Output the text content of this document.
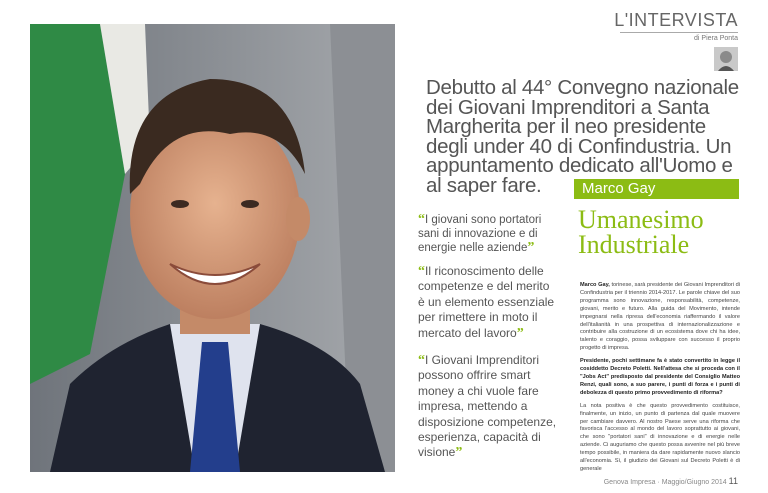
L'INTERVISTA
di Piera Ponta
Debutto al 44° Convegno nazionale dei Giovani Imprenditori a Santa Margherita per il neo presidente degli under 40 di Confindustria. Un appuntamento dedicato all'Uomo e al saper fare.	Marco Gay
Umanesimo
Industriale
“I giovani sono portatori sani di innovazione e di energie nelle aziende”
“Il riconoscimento delle competenze e del merito è un elemento essenziale per rimettere in moto il mercato del lavoro”
“I Giovani Imprenditori possono offrire smart money a chi vuole fare impresa, mettendo a disposizione competenze, esperienza, capacità di visione”

Marco Gay, torinese, sarà presidente dei Giovani Imprenditori di Confindustria per il triennio 2014-2017. Le parole chiave del suo programma sono innovazione, responsabilità, competenze, giovani, merito e futuro. Alla guida del Movimento, intende impegnarsi nella ripresa dell'economia riaffermando il valore dell'italianità in una prospettiva di internazionalizzazione e contribuire alla costruzione di un ecosistema dove chi ha idee, talento e coraggio, possa sviluppare con successo il proprio progetto di impresa.

Presidente, pochi settimane fa è stato convertito in legge il cosiddetto Decreto Poletti. Nell'attesa che si proceda con il "Jobs Act" predisposto dal presidente del Consiglio Matteo Renzi, quali sono, a suo parere, i punti di forza e i punti di debolezza di questo primo provvedimento di riforma?

La nota positiva è che questo provvedimento costituisce, finalmente, un inizio, un punto di partenza dal quale muovere per cambiare davvero. Al nostro Paese serve una riforma che favorisca l'accesso al mondo del lavoro soprattutto ai giovani, che sono "portatori sani" di innovazione e di energie nelle aziende. Ci auguriamo che questo possa avvenire nel più breve tempo possibile, in maniera da dare rapidamente nuovo slancio all'economia. Sì, il giudizio dei Giovani sul Decreto Poletti è di generale

Genova Impresa · Maggio/Giugno 2014 11
